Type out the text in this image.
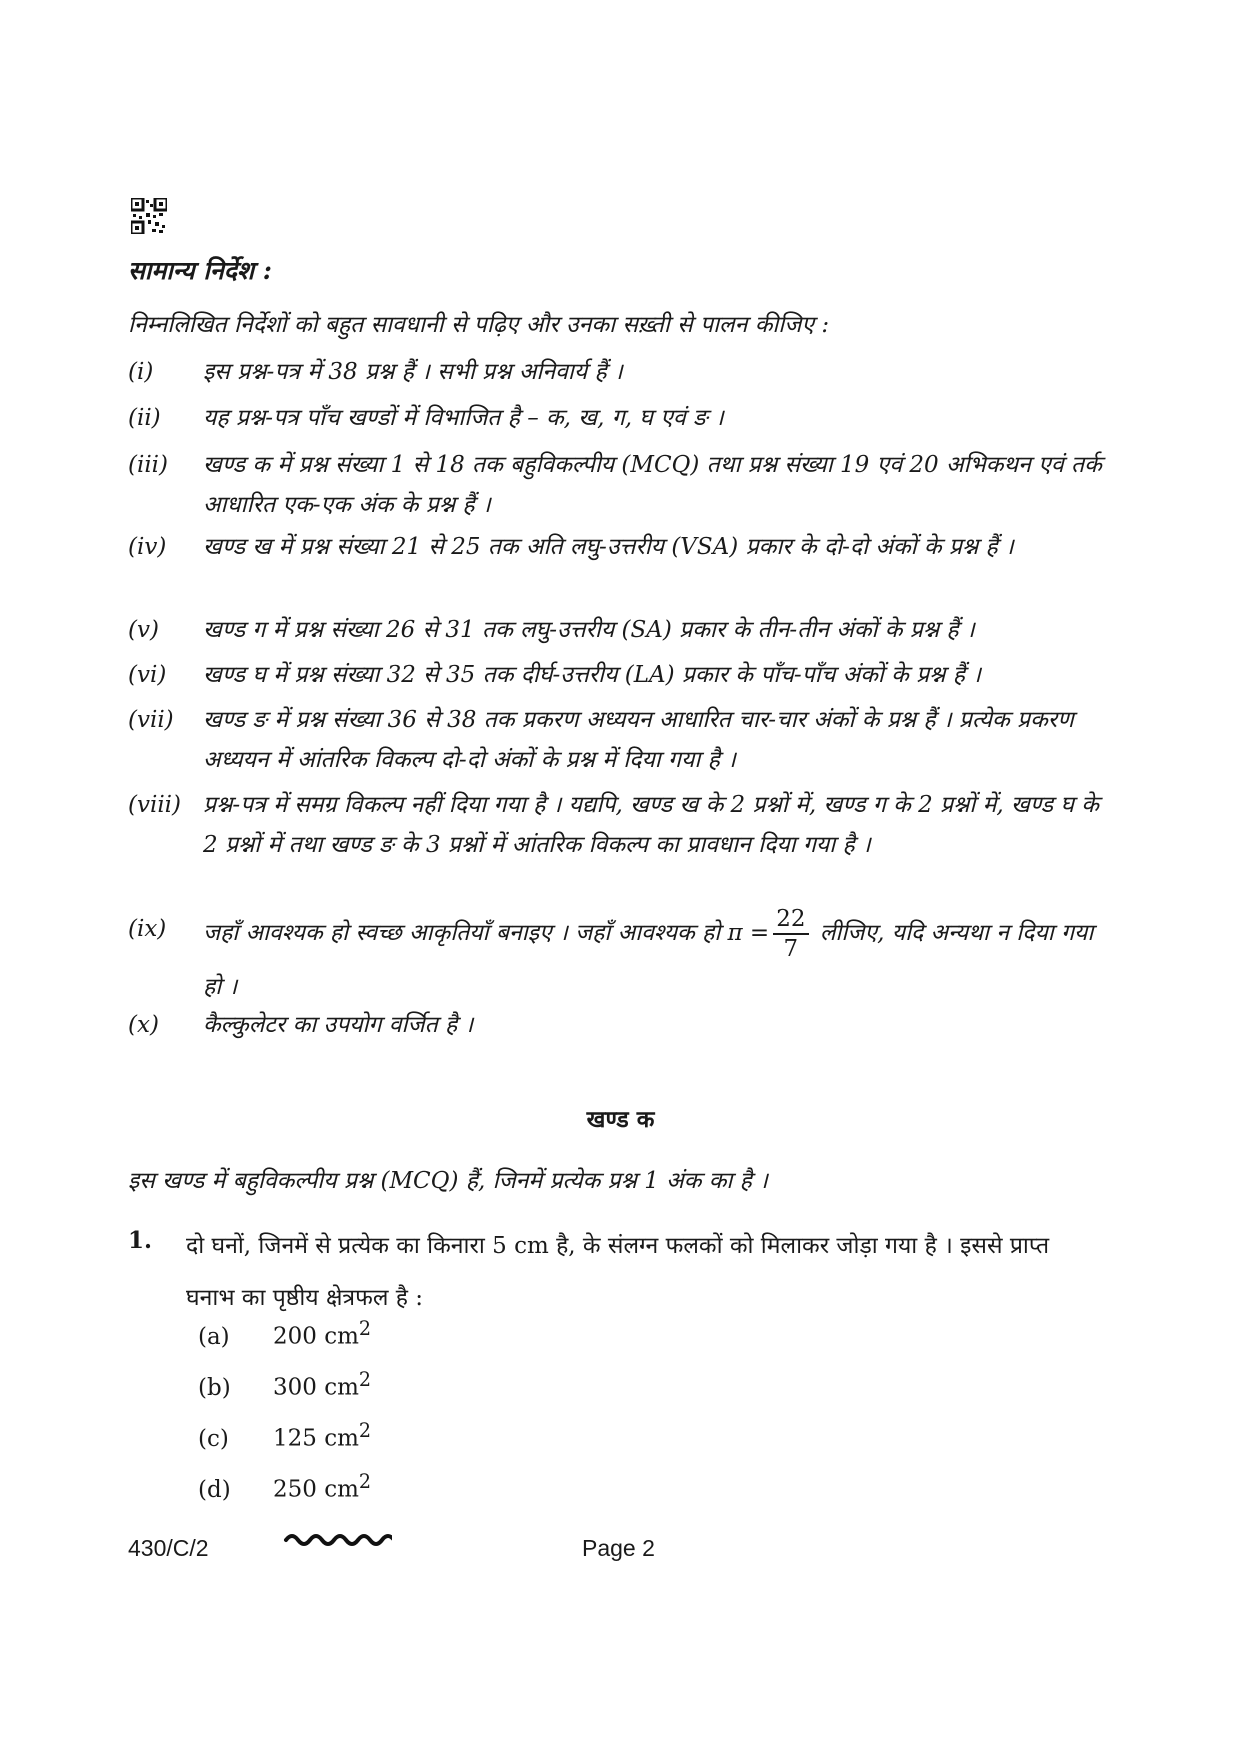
सामान्य निर्देश :
निम्नलिखित निर्देशों को बहुत सावधानी से पढ़िए और उनका सख़्ती से पालन कीजिए :
(i)	इस प्रश्न-पत्र में 38 प्रश्न हैं । सभी प्रश्न अनिवार्य हैं ।
(ii)	यह प्रश्न-पत्र पाँच खण्डों में विभाजित है – क, ख, ग, घ एवं ङ ।
(iii)	खण्ड क में प्रश्न संख्या 1 से 18 तक बहुविकल्पीय (MCQ) तथा प्रश्न संख्या 19 एवं 20 अभिकथन एवं तर्क आधारित एक-एक अंक के प्रश्न हैं ।
(iv)	खण्ड ख में प्रश्न संख्या 21 से 25 तक अति लघु-उत्तरीय (VSA) प्रकार के दो-दो अंकों के प्रश्न हैं ।
(v)	खण्ड ग में प्रश्न संख्या 26 से 31 तक लघु-उत्तरीय (SA) प्रकार के तीन-तीन अंकों के प्रश्न हैं ।
(vi)	खण्ड घ में प्रश्न संख्या 32 से 35 तक दीर्घ-उत्तरीय (LA) प्रकार के पाँच-पाँच अंकों के प्रश्न हैं ।
(vii)	खण्ड ङ में प्रश्न संख्या 36 से 38 तक प्रकरण अध्ययन आधारित चार-चार अंकों के प्रश्न हैं । प्रत्येक प्रकरण अध्ययन में आंतरिक विकल्प दो-दो अंकों के प्रश्न में दिया गया है ।
(viii) प्रश्न-पत्र में समग्र विकल्प नहीं दिया गया है । यद्यपि, खण्ड ख के 2 प्रश्नों में, खण्ड ग के 2 प्रश्नों में, खण्ड घ के 2 प्रश्नों में तथा खण्ड ङ के 3 प्रश्नों में आंतरिक विकल्प का प्रावधान दिया गया है ।
(ix)	जहाँ आवश्यक हो स्वच्छ आकृतियाँ बनाइए । जहाँ आवश्यक हो $\pi = \frac{22}{7}$ लीजिए, यदि अन्यथा न दिया गया हो ।
(x)	कैल्कुलेटर का उपयोग वर्जित है ।
खण्ड क
इस खण्ड में बहुविकल्पीय प्रश्न (MCQ) हैं, जिनमें प्रत्येक प्रश्न 1 अंक का है ।
1. दो घनों, जिनमें से प्रत्येक का किनारा 5 cm है, के संलग्न फलकों को मिलाकर जोड़ा गया है । इससे प्राप्त घनाभ का पृष्ठीय क्षेत्रफल है :
(a) 200 $cm^2$
(b) 300 $cm^2$
(c) 125 $cm^2$
(d) 250 $cm^2$
430/C/2	Page 2
